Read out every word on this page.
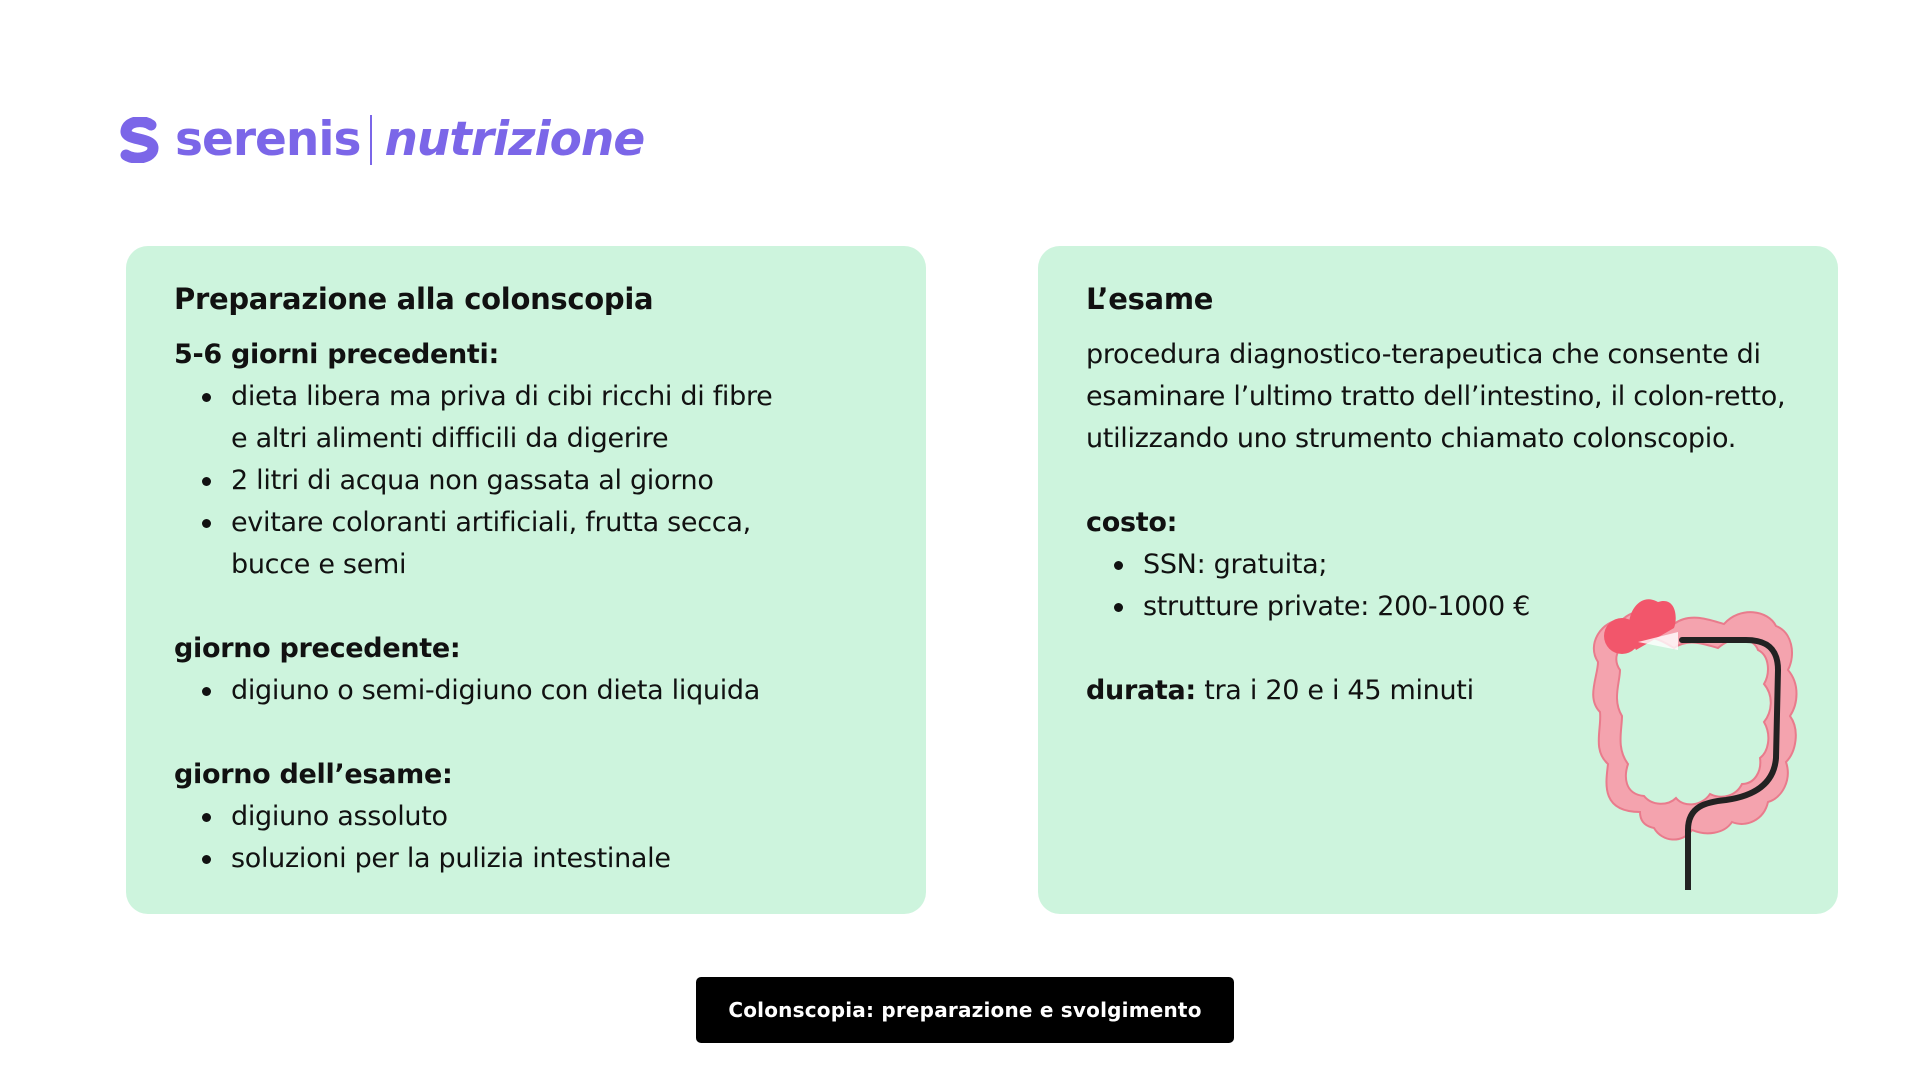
serenis nutrizione
Preparazione alla colonscopia
5-6 giorni precedenti:
dieta libera ma priva di cibi ricchi di fibre e altri alimenti difficili da digerire
2 litri di acqua non gassata al giorno
evitare coloranti artificiali, frutta secca, bucce e semi
giorno precedente:
digiuno o semi-digiuno con dieta liquida
giorno dell’esame:
digiuno assoluto
soluzioni per la pulizia intestinale
L’esame

procedura diagnostico-terapeutica che consente di esaminare l’ultimo tratto dell’intestino, il colon-retto, utilizzando uno strumento chiamato colonscopio.

costo:
SSN: gratuita;
strutture private: 200-1000 €

durata: tra i 20 e i 45 minuti

Colonscopia: preparazione e svolgimento
